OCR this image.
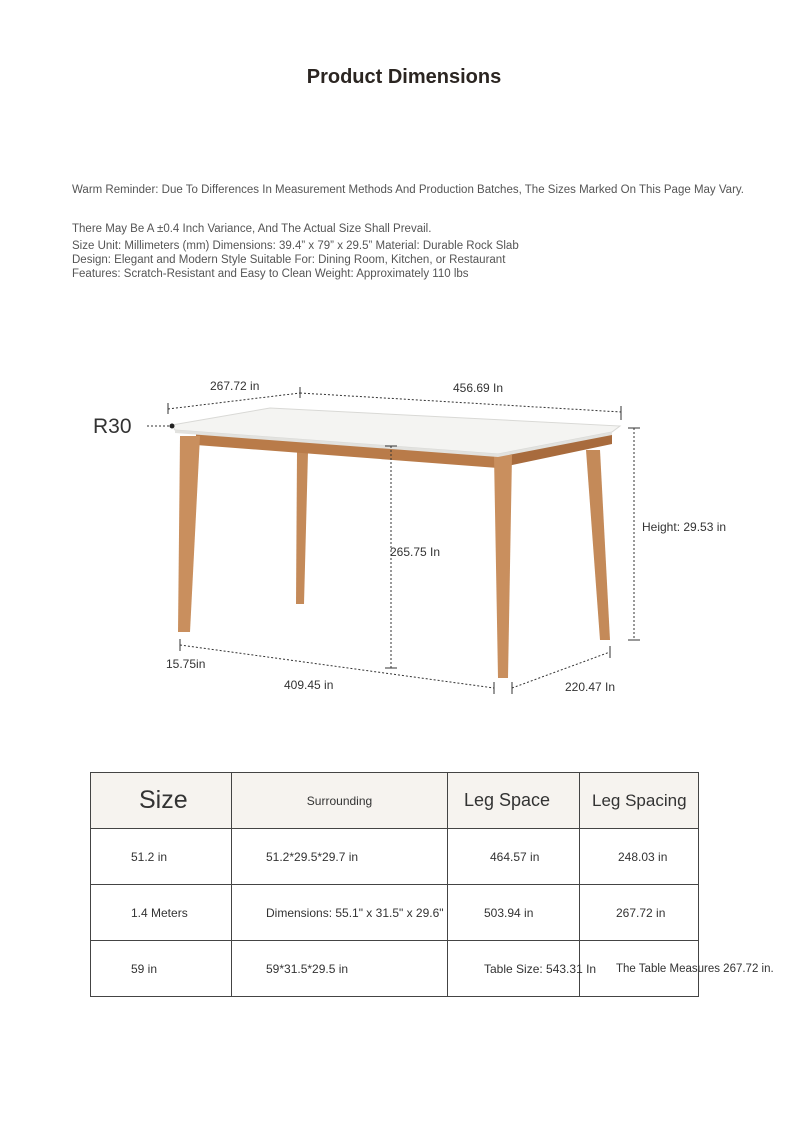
Product Dimensions
Warm Reminder: Due To Differences In Measurement Methods And Production Batches, The Sizes Marked On This Page May Vary.
There May Be A ±0.4 Inch Variance, And The Actual Size Shall Prevail.
Size Unit: Millimeters (mm) Dimensions: 39.4” x 79” x 29.5” Material: Durable Rock Slab Design: Elegant and Modern Style Suitable For: Dining Room, Kitchen, or Restaurant Features: Scratch-Resistant and Easy to Clean Weight: Approximately 110 lbs
R30
267.72 in	456.69 In
265.75 In
Height: 29.53 in
15.75in
409.45 in	220.47 In
Size	Surrounding	Leg Space	Leg Spacing
51.2 in	51.2*29.5*29.7 in	464.57 in	248.03 in
1.4 Meters	Dimensions: 55.1" x 31.5" x 29.6"	503.94 in	267.72 in
59 in	59*31.5*29.5 in	Table Size: 543.31 In	The Table Measures 267.72 in.
